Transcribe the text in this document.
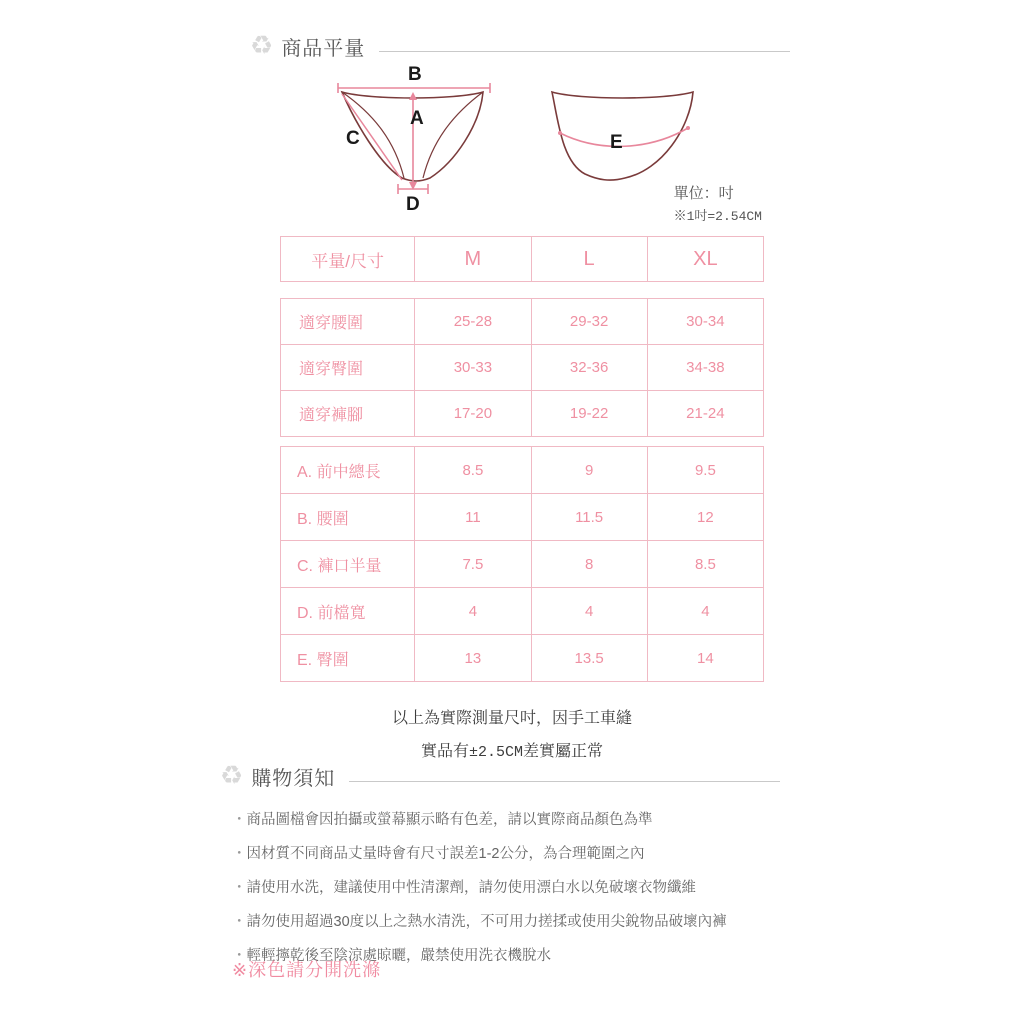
♻ 商品平量
B
A
C
D
E
單位：吋
※1吋=2.54CM
平量/尺寸	M	L	XL
適穿腰圍	25-28	29-32	30-34
適穿臀圍	30-33	32-36	34-38
適穿褲腳	17-20	19-22	21-24
A. 前中總長	8.5	9	9.5
B. 腰圍	11	11.5	12
C. 褲口半量	7.5	8	8.5
D. 前檔寬	4	4	4
E. 臀圍	13	13.5	14
以上為實際測量尺吋，因手工車縫
實品有±2.5CM差實屬正常
♻ 購物須知
・ 商品圖檔會因拍攝或螢幕顯示略有色差，請以實際商品顏色為準
・ 因材質不同商品丈量時會有尺寸誤差1-2公分，為合理範圍之內
・ 請使用水洗，建議使用中性清潔劑，請勿使用漂白水以免破壞衣物纖維
・ 請勿使用超過30度以上之熱水清洗，不可用力搓揉或使用尖銳物品破壞內褲
・ 輕輕擰乾後至陰涼處晾曬，嚴禁使用洗衣機脫水
※深色請分開洗滌
